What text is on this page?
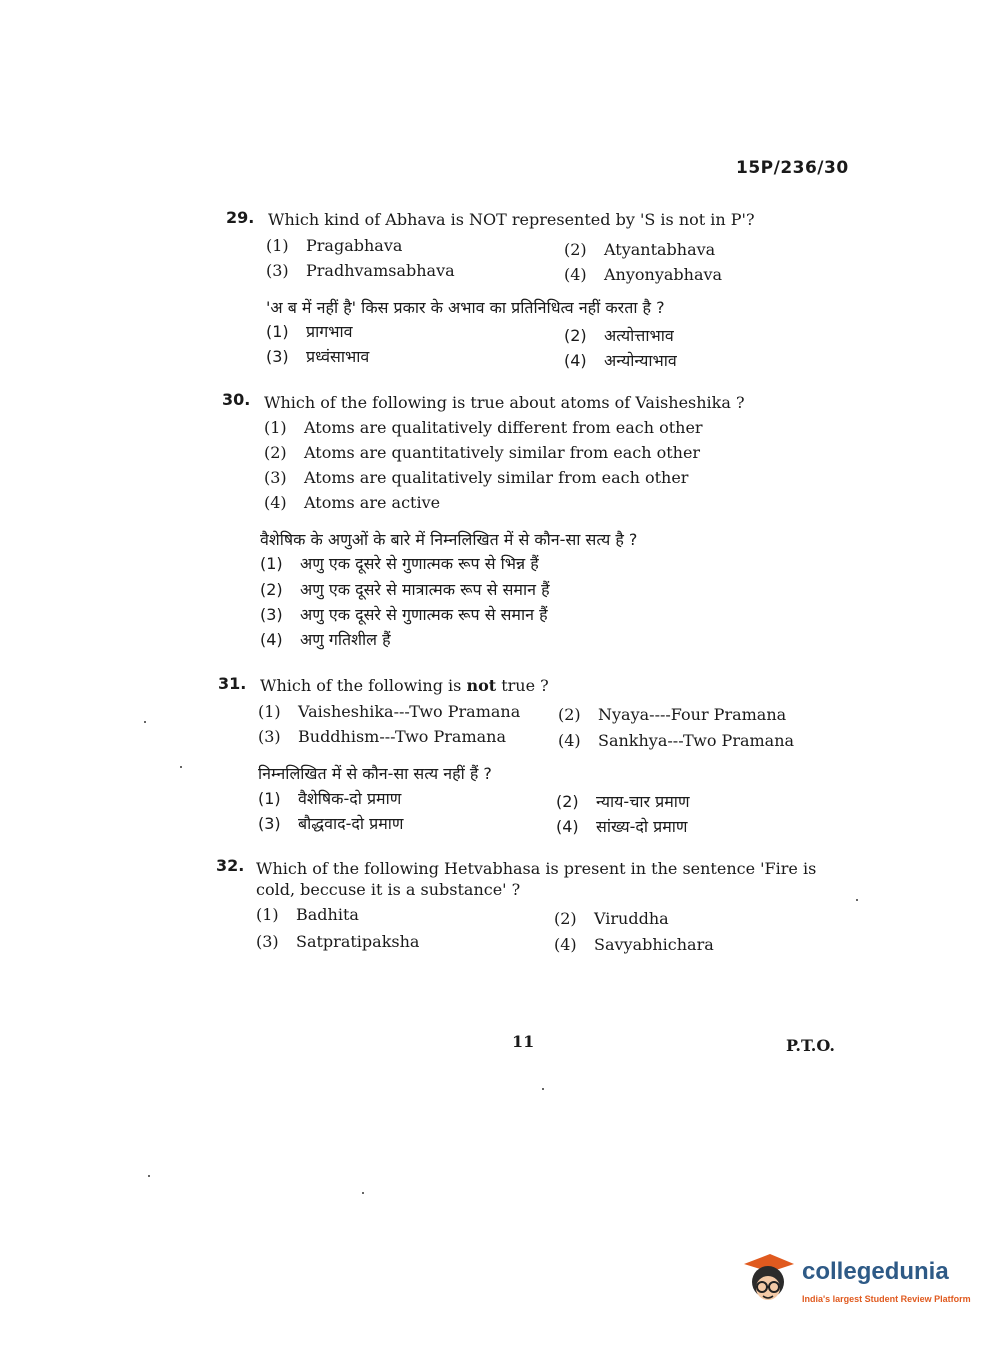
15P/236/30
29. Which kind of Abhava is NOT represented by 'S is not in P'?
(1) Pragabhava	(2) Atyantabhava
(3) Pradhvamsabhava	(4) Anyonyabhava
'अ ब में नहीं है' किस प्रकार के अभाव का प्रतिनिधित्व नहीं करता है ?
(1) प्रागभाव	(2) अत्योत्ताभाव
(3) प्रध्वंसाभाव	(4) अन्योन्याभाव
30. Which of the following is true about atoms of Vaisheshika ?
(1) Atoms are qualitatively different from each other
(2) Atoms are quantitatively similar from each other
(3) Atoms are qualitatively similar from each other
(4) Atoms are active
वैशेषिक के अणुओं के बारे में निम्नलिखित में से कौन-सा सत्य है ?
(1) अणु एक दूसरे से गुणात्मक रूप से भिन्न हैं
(2) अणु एक दूसरे से मात्रात्मक रूप से समान हैं
(3) अणु एक दूसरे से गुणात्मक रूप से समान हैं
(4) अणु गतिशील हैं
31. Which of the following is not true ?
(1) Vaisheshika---Two Pramana (2) Nyaya----Four Pramana
(3) Buddhism---Two Pramana	(4) Sankhya---Two Pramana
निम्नलिखित में से कौन-सा सत्य नहीं हैं ?
(1) वैशेषिक-दो प्रमाण	(2) न्याय-चार प्रमाण
(3) बौद्धवाद-दो प्रमाण	(4) सांख्य-दो प्रमाण
32. Which of the following Hetvabhasa is present in the sentence 'Fire is
cold, beccuse it is a substance' ?
(1) Badhita	(2) Viruddha
(3) Satpratipaksha	(4) Savyabhichara
11	P.T.O.
collegedunia
India's largest Student Review Platform
